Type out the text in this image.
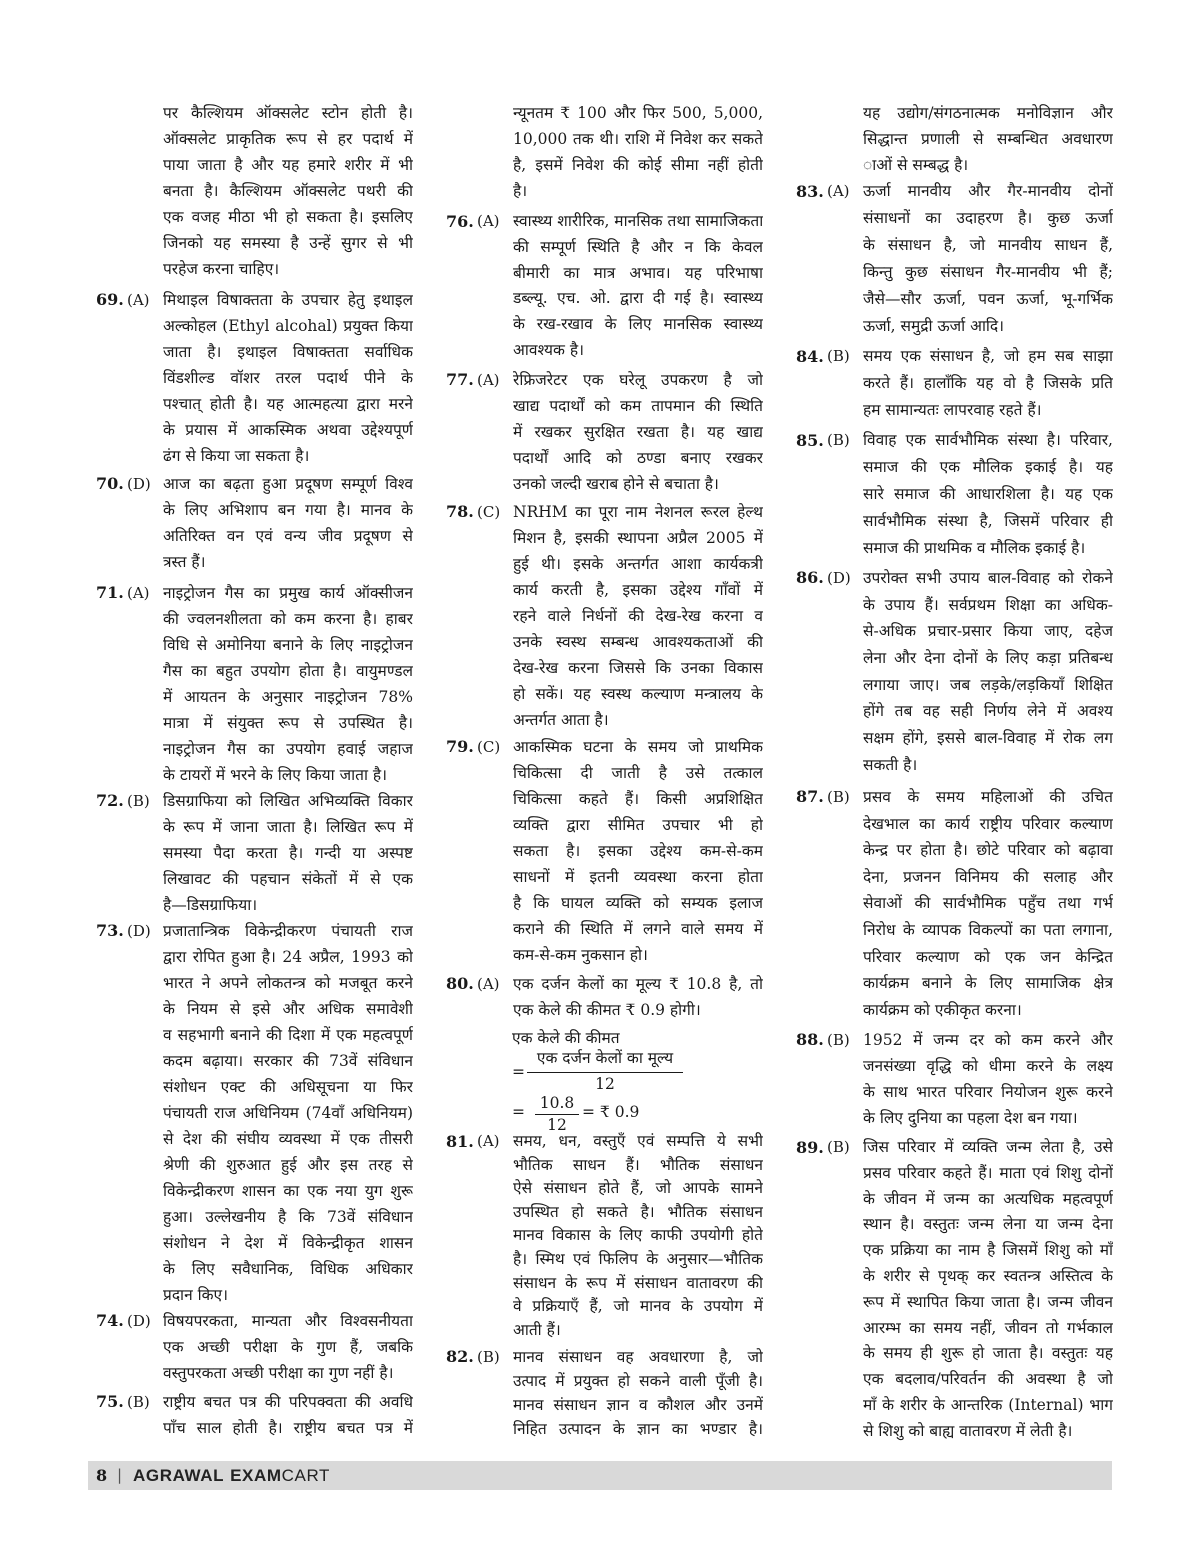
पर कैल्शियम ऑक्सलेट स्टोन होती है।
ऑक्सलेट प्राकृतिक रूप से हर पदार्थ में
पाया जाता है और यह हमारे शरीर में भी
बनता है। कैल्शियम ऑक्सलेट पथरी की
एक वजह मीठा भी हो सकता है। इसलिए
जिनको यह समस्या है उन्हें सुगर से भी
परहेज करना चाहिए।
69. (A) मिथाइल विषाक्तता के उपचार हेतु इथाइल
अल्कोहल (Ethyl alcohal) प्रयुक्त किया
जाता है। इथाइल विषाक्तता सर्वाधिक
विंडशील्ड वॉशर तरल पदार्थ पीने के
पश्चात् होती है। यह आत्महत्या द्वारा मरने
के प्रयास में आकस्मिक अथवा उद्देश्यपूर्ण
ढंग से किया जा सकता है।
70. (D) आज का बढ़ता हुआ प्रदूषण सम्पूर्ण विश्व
के लिए अभिशाप बन गया है। मानव के
अतिरिक्त वन एवं वन्य जीव प्रदूषण से
त्रस्त हैं।
71. (A) नाइट्रोजन गैस का प्रमुख कार्य ऑक्सीजन
की ज्वलनशीलता को कम करना है। हाबर
विधि से अमोनिया बनाने के लिए नाइट्रोजन
गैस का बहुत उपयोग होता है। वायुमण्डल
में आयतन के अनुसार नाइट्रोजन 78%
मात्रा में संयुक्त रूप से उपस्थित है।
नाइट्रोजन गैस का उपयोग हवाई जहाज
के टायरों में भरने के लिए किया जाता है।
72. (B) डिसग्राफिया को लिखित अभिव्यक्ति विकार
के रूप में जाना जाता है। लिखित रूप में
समस्या पैदा करता है। गन्दी या अस्पष्ट
लिखावट की पहचान संकेतों में से एक
है—डिसग्राफिया।
73. (D) प्रजातान्त्रिक विकेन्द्रीकरण पंचायती राज
द्वारा रोपित हुआ है। 24 अप्रैल, 1993 को
भारत ने अपने लोकतन्त्र को मजबूत करने
के नियम से इसे और अधिक समावेशी
व सहभागी बनाने की दिशा में एक महत्वपूर्ण
कदम बढ़ाया। सरकार की 73वें संविधान
संशोधन एक्ट की अधिसूचना या फिर
पंचायती राज अधिनियम (74वाँ अधिनियम)
से देश की संघीय व्यवस्था में एक तीसरी
श्रेणी की शुरुआत हुई और इस तरह से
विकेन्द्रीकरण शासन का एक नया युग शुरू
हुआ। उल्लेखनीय है कि 73वें संविधान
संशोधन ने देश में विकेन्द्रीकृत शासन
के लिए सवैधानिक, विधिक अधिकार
प्रदान किए।
74. (D) विषयपरकता, मान्यता और विश्वसनीयता
एक अच्छी परीक्षा के गुण हैं, जबकि
वस्तुपरकता अच्छी परीक्षा का गुण नहीं है।
75. (B) राष्ट्रीय बचत पत्र की परिपक्वता की अवधि
पाँच साल होती है। राष्ट्रीय बचत पत्र में
न्यूनतम ₹ 100 और फिर 500, 5,000,
10,000 तक थी। राशि में निवेश कर सकते
है, इसमें निवेश की कोई सीमा नहीं होती
है।
76. (A) स्वास्थ्य शारीरिक, मानसिक तथा सामाजिकता
की सम्पूर्ण स्थिति है और न कि केवल
बीमारी का मात्र अभाव। यह परिभाषा
डब्ल्यू. एच. ओ. द्वारा दी गई है। स्वास्थ्य
के रख-रखाव के लिए मानसिक स्वास्थ्य
आवश्यक है।
77. (A) रेफ्रिजरेटर एक घरेलू उपकरण है जो
खाद्य पदार्थों को कम तापमान की स्थिति
में रखकर सुरक्षित रखता है। यह खाद्य
पदार्थों आदि को ठण्डा बनाए रखकर
उनको जल्दी खराब होने से बचाता है।
78. (C) NRHM का पूरा नाम नेशनल रूरल हेल्थ
मिशन है, इसकी स्थापना अप्रैल 2005 में
हुई थी। इसके अन्तर्गत आशा कार्यकत्री
कार्य करती है, इसका उद्देश्य गाँवों में
रहने वाले निर्धनों की देख-रेख करना व
उनके स्वस्थ सम्बन्ध आवश्यकताओं की
देख-रेख करना जिससे कि उनका विकास
हो सकें। यह स्वस्थ कल्याण मन्त्रालय के
अन्तर्गत आता है।
79. (C) आकस्मिक घटना के समय जो प्राथमिक
चिकित्सा दी जाती है उसे तत्काल
चिकित्सा कहते हैं। किसी अप्रशिक्षित
व्यक्ति द्वारा सीमित उपचार भी हो
सकता है। इसका उद्देश्य कम-से-कम
साधनों में इतनी व्यवस्था करना होता
है कि घायल व्यक्ति को सम्यक इलाज
कराने की स्थिति में लगने वाले समय में
कम-से-कम नुकसान हो।
80. (A) एक दर्जन केलों का मूल्य ₹ 10.8 है, तो
एक केले की कीमत ₹ 0.9 होगी।
एक केले की कीमत
=
एक दर्जन केलों का मूल्य
12
= 10.8
12
= ₹ 0.9
81. (A) समय, धन, वस्तुएँ एवं सम्पत्ति ये सभी
भौतिक साधन हैं। भौतिक संसाधन
ऐसे संसाधन होते हैं, जो आपके सामने
उपस्थित हो सकते है। भौतिक संसाधन
मानव विकास के लिए काफी उपयोगी होते
है। स्मिथ एवं फिलिप के अनुसार—भौतिक
संसाधन के रूप में संसाधन वातावरण की
वे प्रक्रियाएँ हैं, जो मानव के उपयोग में
आती हैं।
82. (B) मानव संसाधन वह अवधारणा है, जो
उत्पाद में प्रयुक्त हो सकने वाली पूँजी है।
मानव संसाधन ज्ञान व कौशल और उनमें
निहित उत्पादन के ज्ञान का भण्डार है।
यह उद्योग/संगठनात्मक मनोविज्ञान और
सिद्धान्त प्रणाली से सम्बन्धित अवधारण
ाओं से सम्बद्ध है।
83. (A) ऊर्जा मानवीय और गैर-मानवीय दोनों
संसाधनों का उदाहरण है। कुछ ऊर्जा
के संसाधन है, जो मानवीय साधन हैं,
किन्तु कुछ संसाधन गैर-मानवीय भी हैं;
जैसे—सौर ऊर्जा, पवन ऊर्जा, भू-गर्भिक
ऊर्जा, समुद्री ऊर्जा आदि।
84. (B) समय एक संसाधन है, जो हम सब साझा
करते हैं। हालाँकि यह वो है जिसके प्रति
हम सामान्यतः लापरवाह रहते हैं।
85. (B) विवाह एक सार्वभौमिक संस्था है। परिवार,
समाज की एक मौलिक इकाई है। यह
सारे समाज की आधारशिला है। यह एक
सार्वभौमिक संस्था है, जिसमें परिवार ही
समाज की प्राथमिक व मौलिक इकाई है।
86. (D) उपरोक्त सभी उपाय बाल-विवाह को रोकने
के उपाय हैं। सर्वप्रथम शिक्षा का अधिक-
से-अधिक प्रचार-प्रसार किया जाए, दहेज
लेना और देना दोनों के लिए कड़ा प्रतिबन्ध
लगाया जाए। जब लड़के/लड़कियाँ शिक्षित
होंगे तब वह सही निर्णय लेने में अवश्य
सक्षम होंगे, इससे बाल-विवाह में रोक लग
सकती है।
87. (B) प्रसव के समय महिलाओं की उचित
देखभाल का कार्य राष्ट्रीय परिवार कल्याण
केन्द्र पर होता है। छोटे परिवार को बढ़ावा
देना, प्रजनन विनिमय की सलाह और
सेवाओं की सार्वभौमिक पहुँच तथा गर्भ
निरोध के व्यापक विकल्पों का पता लगाना,
परिवार कल्याण को एक जन केन्द्रित
कार्यक्रम बनाने के लिए सामाजिक क्षेत्र
कार्यक्रम को एकीकृत करना।
88. (B) 1952 में जन्म दर को कम करने और
जनसंख्या वृद्धि को धीमा करने के लक्ष्य
के साथ भारत परिवार नियोजन शुरू करने
के लिए दुनिया का पहला देश बन गया।
89. (B) जिस परिवार में व्यक्ति जन्म लेता है, उसे
प्रसव परिवार कहते हैं। माता एवं शिशु दोनों
के जीवन में जन्म का अत्यधिक महत्वपूर्ण
स्थान है। वस्तुतः जन्म लेना या जन्म देना
एक प्रक्रिया का नाम है जिसमें शिशु को माँ
के शरीर से पृथक् कर स्वतन्त्र अस्तित्व के
रूप में स्थापित किया जाता है। जन्म जीवन
आरम्भ का समय नहीं, जीवन तो गर्भकाल
के समय ही शुरू हो जाता है। वस्तुतः यह
एक बदलाव/परिवर्तन की अवस्था है जो
माँ के शरीर के आन्तरिक (Internal) भाग
से शिशु को बाह्य वातावरण में लेती है।
8 | AGRAWAL EXAMCART
